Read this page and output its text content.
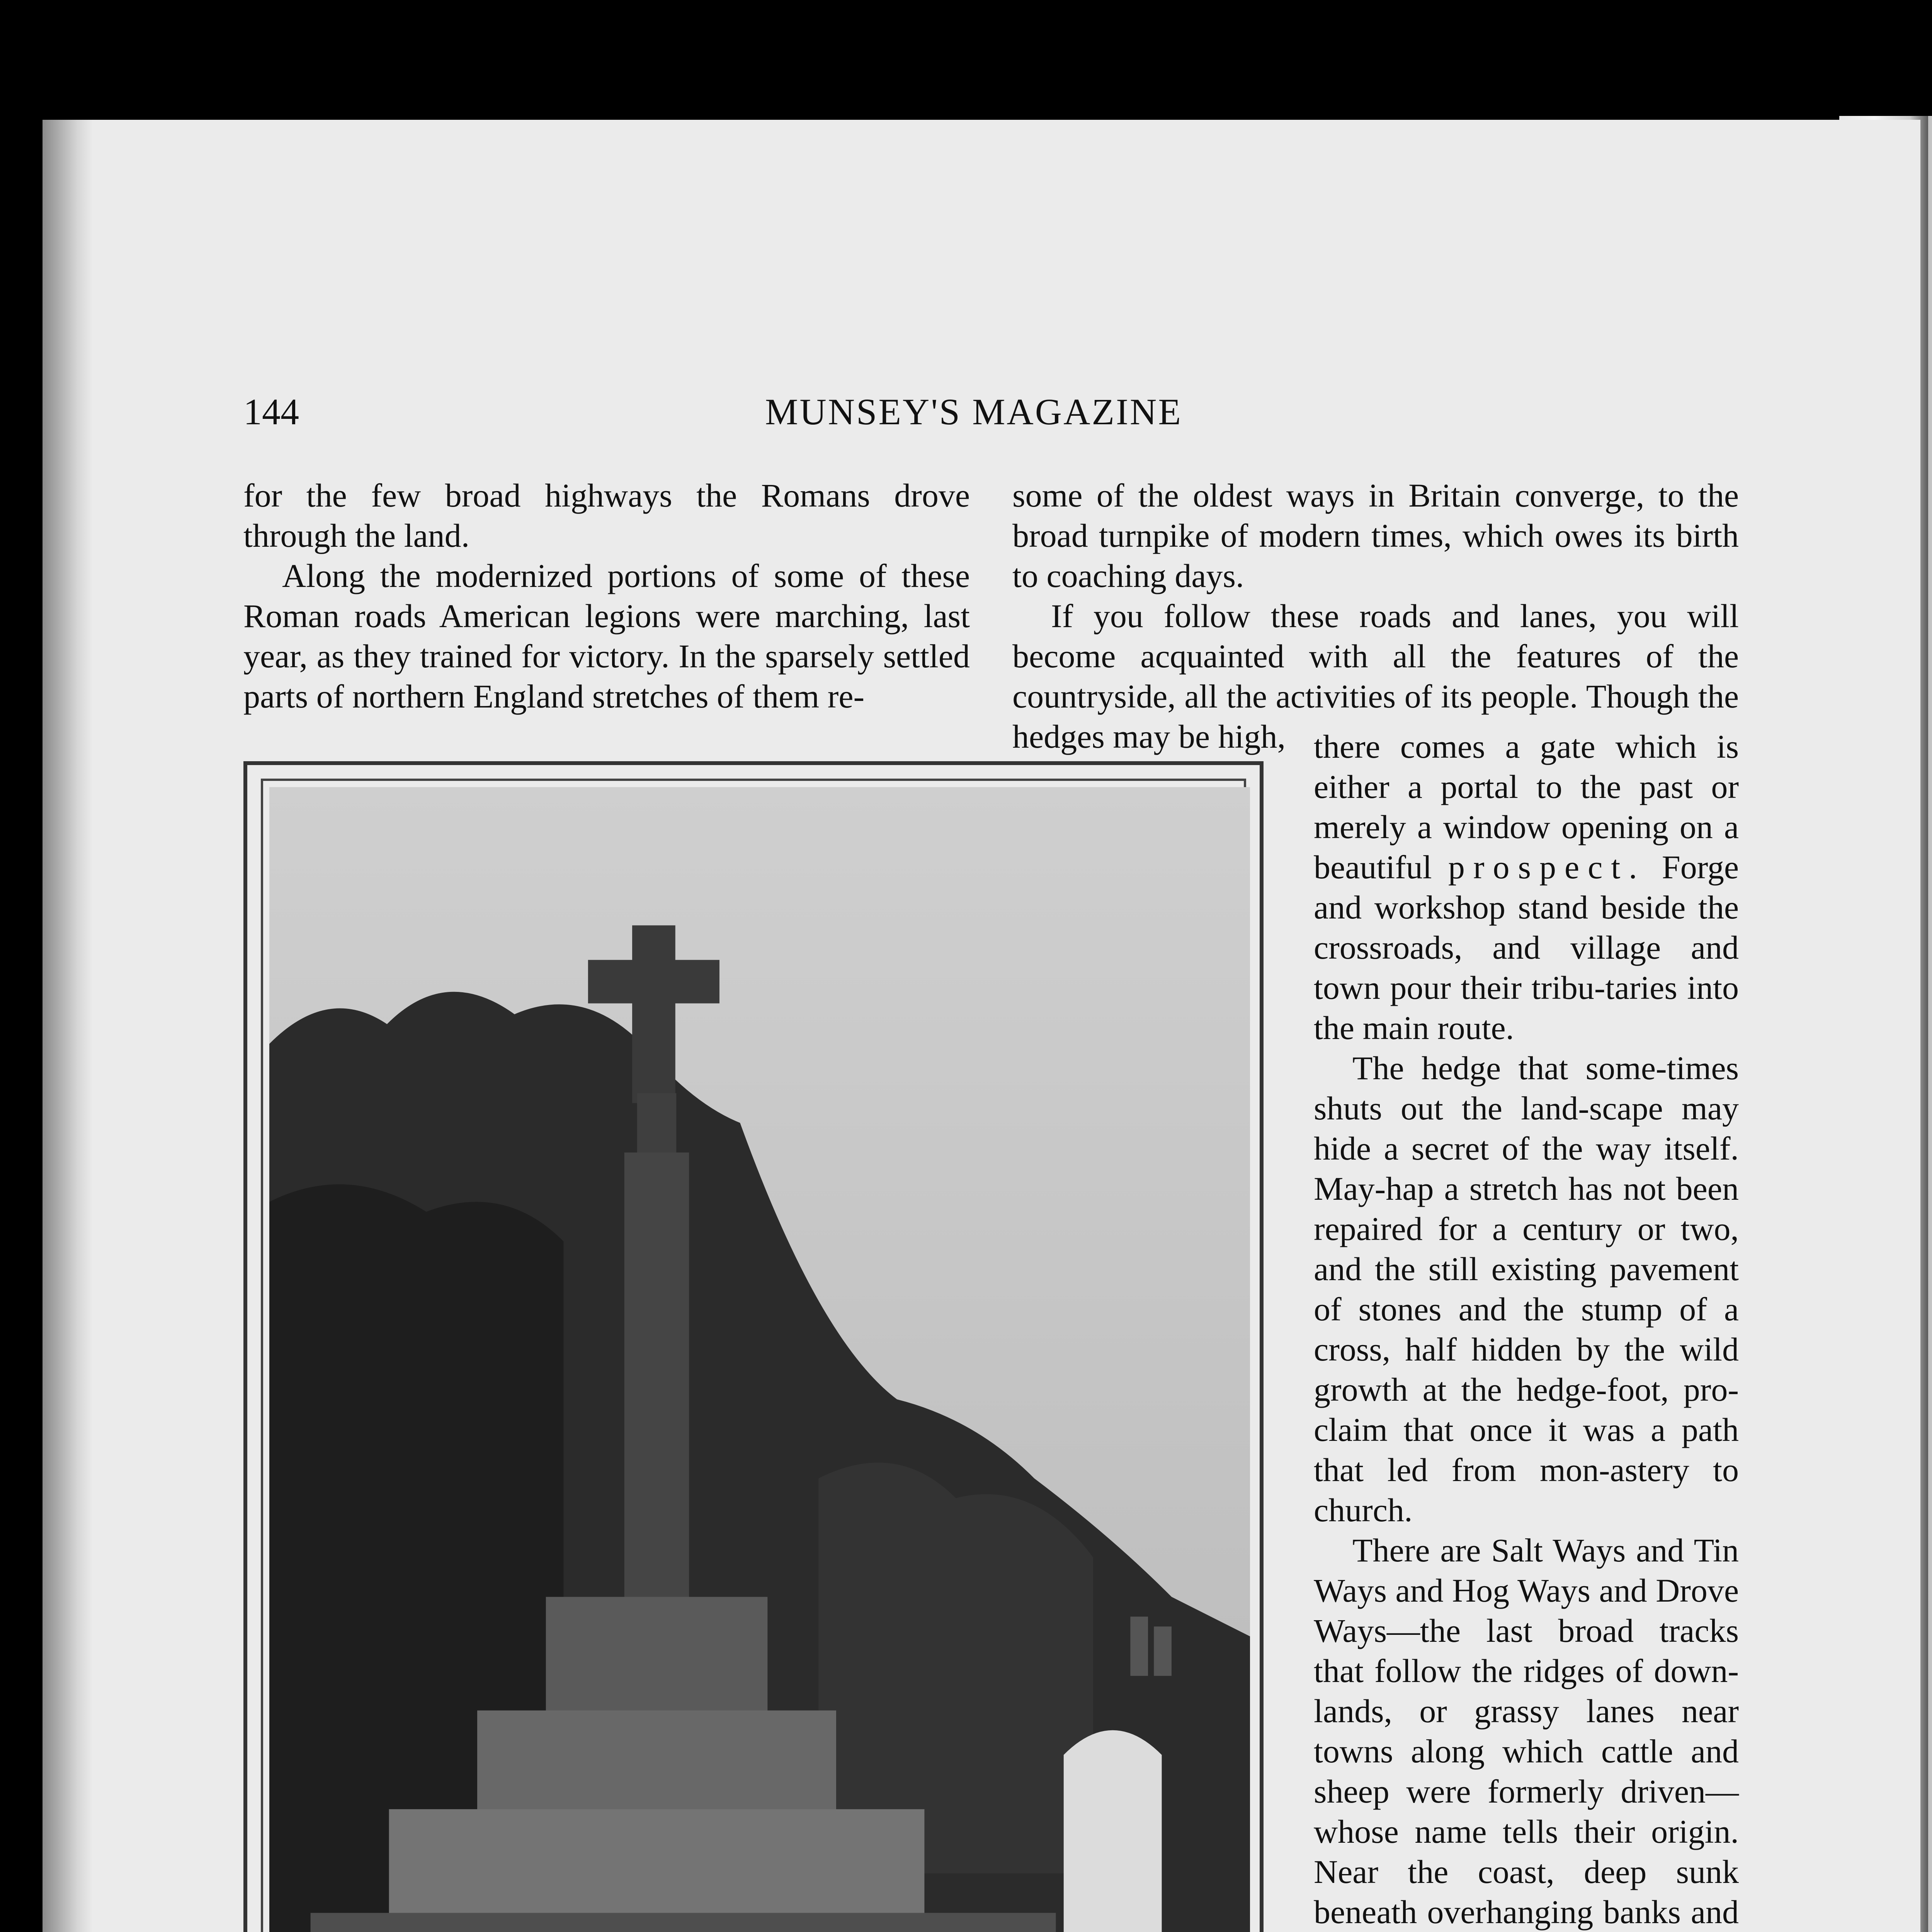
144	MUNSEY'S MAGAZINE

for the few broad highways the Romans drove through the land.

Along the modernized portions of some of these Roman roads American legions were marching, last year, as they trained for victory. In the sparsely settled parts of northern England stretches of them re-

some of the oldest ways in Britain converge, to the broad turnpike of modern times, which owes its birth to coaching days.

If you follow these roads and lanes, you will become acquainted with all the features of the countryside, all the activities of its people. Though the hedges may be high, there comes a gate which is either a portal to the past or merely a window opening on a beautiful prospect. Forge and workshop stand beside the crossroads, and village and town pour their tribu-taries into the main route.

The hedge that some-times shuts out the land-scape may hide a secret of the way itself. May-hap a stretch has not been repaired for a century or two, and the still existing pavement of stones and the stump of a cross, half hidden by the wild growth at the hedge-foot, pro-claim that once it was a path that led from mon-astery to church.

There are Salt Ways and Tin Ways and Hog Ways and Drove Ways—the last broad tracks that follow the ridges of down-lands, or grassy lanes near towns along which cattle and sheep were formerly driven—whose name tells their origin. Near the coast, deep sunk beneath overhanging banks and
